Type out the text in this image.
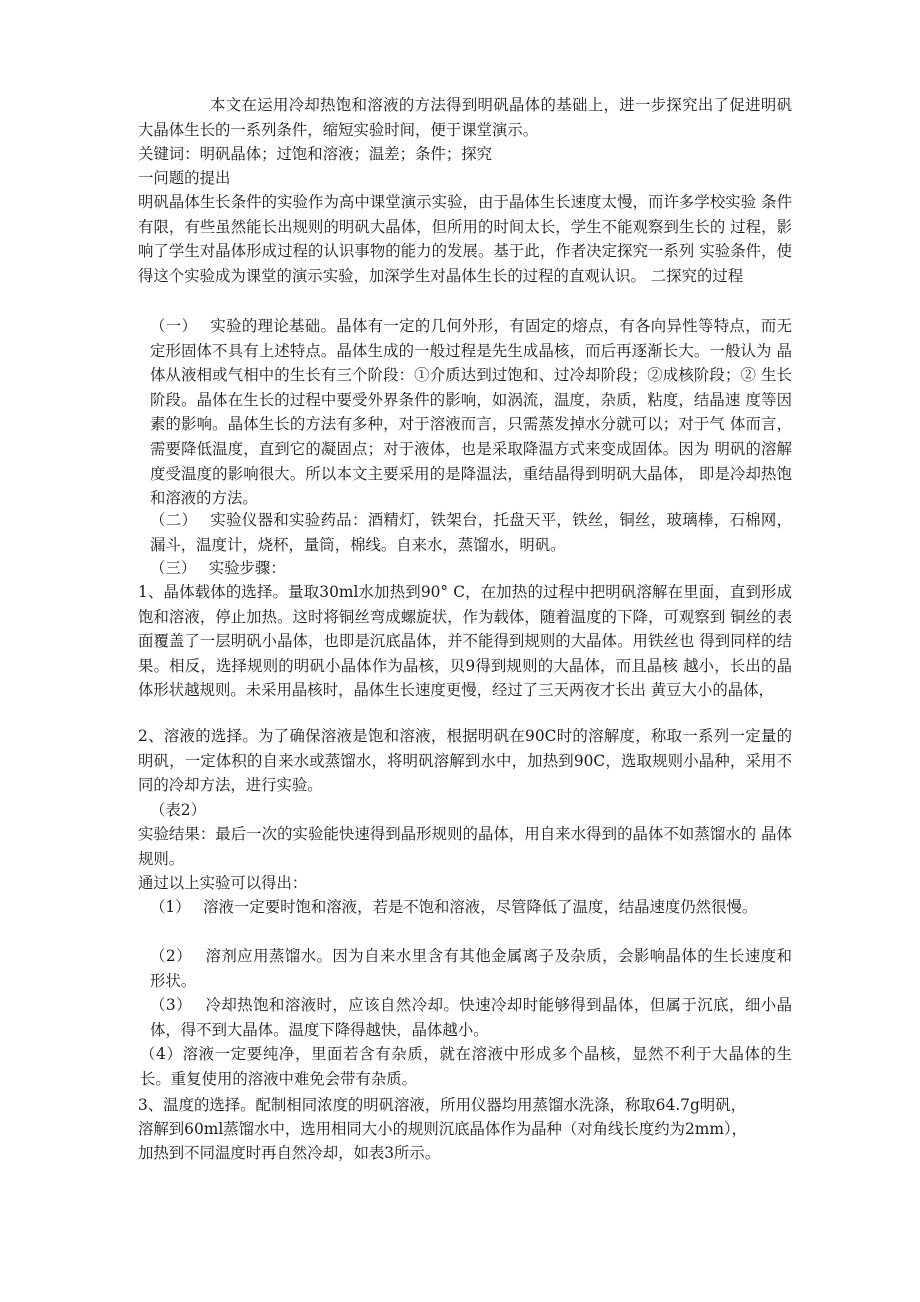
本文在运用冷却热饱和溶液的方法得到明矾晶体的基础上，进一步探究出了促进明矾大晶体生长的一系列条件，缩短实验时间，便于课堂演示。

关键词：明矾晶体；过饱和溶液；温差；条件；探究

一问题的提出

明矾晶体生长条件的实验作为高中课堂演示实验，由于晶体生长速度太慢，而许多学校实验 条件有限，有些虽然能长出规则的明矾大晶体，但所用的时间太长，学生不能观察到生长的 过程，影响了学生对晶体形成过程的认识事物的能力的发展。基于此，作者决定探究一系列 实验条件，使得这个实验成为课堂的演示实验，加深学生对晶体生长的过程的直观认识。 二探究的过程

（一）　 实验的理论基础。晶体有一定的几何外形，有固定的熔点，有各向异性等特点，而无 定形固体不具有上述特点。晶体生成的一般过程是先生成晶核，而后再逐渐长大。一般认为 晶体从液相或气相中的生长有三个阶段：①介质达到过饱和、过冷却阶段；②成核阶段；② 生长阶段。晶体在生长的过程中要受外界条件的影响，如涡流，温度，杂质，粘度，结晶速 度等因素的影响。晶体生长的方法有多种，对于溶液而言，只需蒸发掉水分就可以；对于气 体而言，需要降低温度，直到它的凝固点；对于液体，也是采取降温方式来变成固体。因为 明矾的溶解度受温度的影响很大。所以本文主要采用的是降温法，重结晶得到明矾大晶体， 即是冷却热饱和溶液的方法。

（二）　 实验仪器和实验药品：酒精灯，铁架台，托盘天平，铁丝，铜丝，玻璃棒，石棉网， 漏斗，温度计，烧杯，量筒，棉线。自来水，蒸馏水，明矾。

（三）　 实验步骤：

1、晶体载体的选择。量取30ml水加热到90° C，在加热的过程中把明矾溶解在里面，直到形成饱和溶液，停止加热。这时将铜丝弯成螺旋状，作为载体，随着温度的下降，可观察到 铜丝的表面覆盖了一层明矾小晶体，也即是沉底晶体，并不能得到规则的大晶体。用铁丝也 得到同样的结果。相反，选择规则的明矾小晶体作为晶核，贝9得到规则的大晶体，而且晶核 越小，长出的晶体形状越规则。未采用晶核时，晶体生长速度更慢，经过了三天两夜才长出 黄豆大小的晶体，

2、溶液的选择。为了确保溶液是饱和溶液，根据明矾在90C时的溶解度，称取一系列一定量的明矾，一定体积的自来水或蒸馏水，将明矾溶解到水中，加热到90C，选取规则小晶种，采用不同的冷却方法，进行实验。

（表2）

实验结果：最后一次的实验能快速得到晶形规则的晶体，用自来水得到的晶体不如蒸馏水的 晶体规则。

通过以上实验可以得出：

（1）　 溶液一定要时饱和溶液，若是不饱和溶液，尽管降低了温度，结晶速度仍然很慢。

（2）　 溶剂应用蒸馏水。因为自来水里含有其他金属离子及杂质，会影响晶体的生长速度和 形状。

（3）　 冷却热饱和溶液时，应该自然冷却。快速冷却时能够得到晶体，但属于沉底，细小晶 体，得不到大晶体。温度下降得越快，晶体越小。

（4）溶液一定要纯净，里面若含有杂质，就在溶液中形成多个晶核，显然不利于大晶体的生 长。重复使用的溶液中难免会带有杂质。

3、温度的选择。配制相同浓度的明矾溶液，所用仪器均用蒸馏水洗涤，称取64.7g明矾，

溶解到60ml蒸馏水中，选用相同大小的规则沉底晶体作为晶种（对角线长度约为2mm），

加热到不同温度时再自然冷却，如表3所示。
